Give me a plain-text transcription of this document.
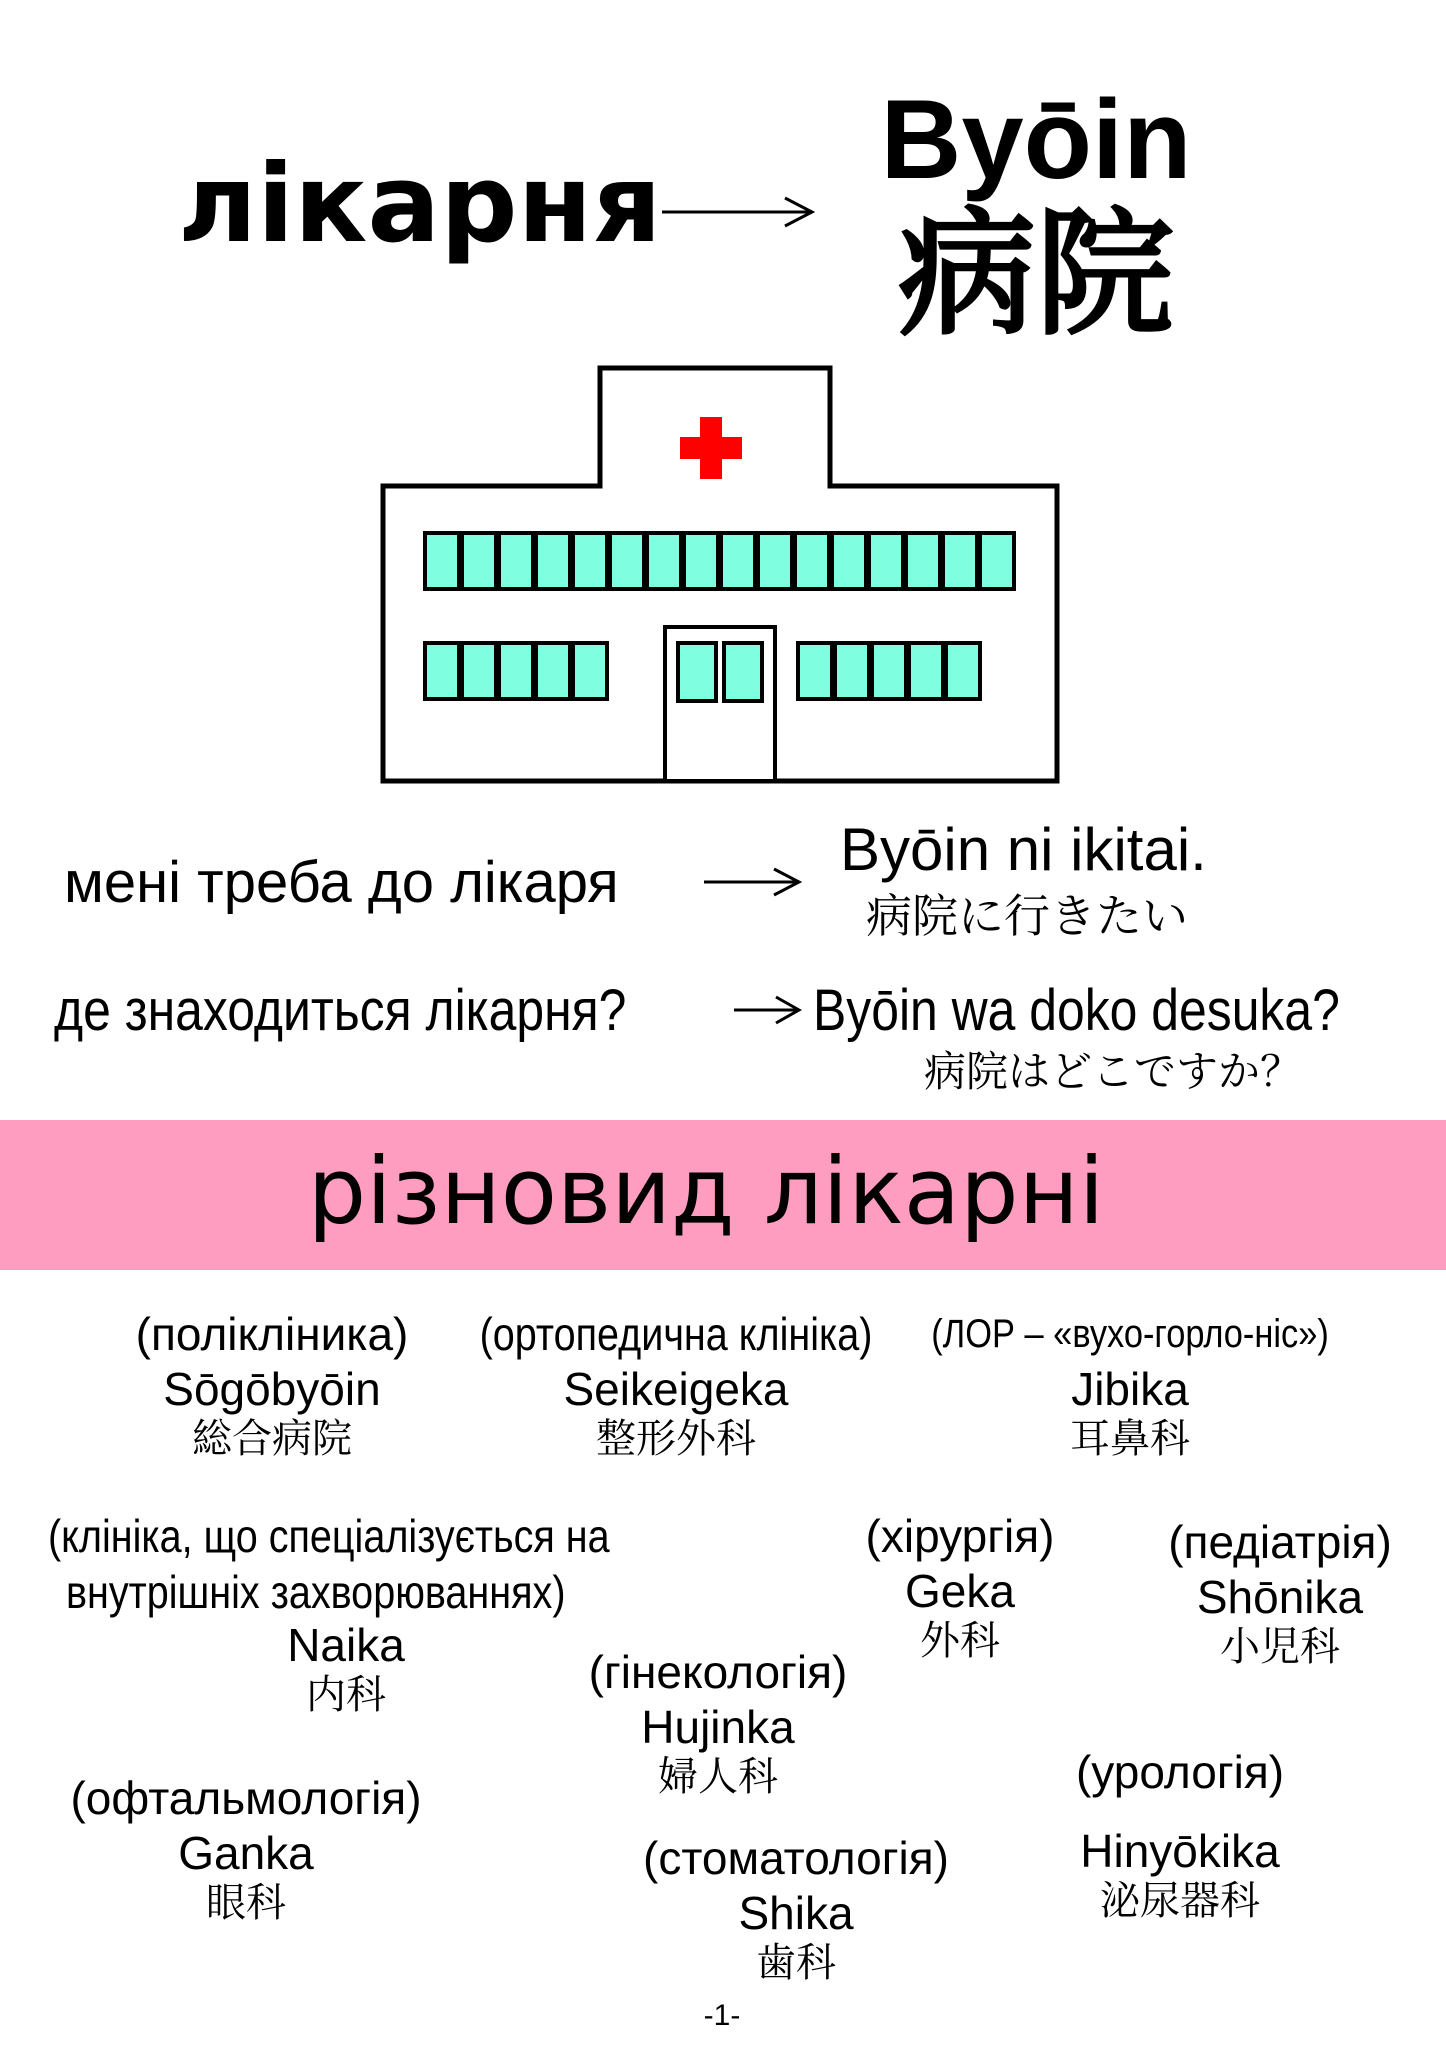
лікарня
Byōin
病院
мені треба до лікаря	Byōin ni ikitai.
病院に行きたい
де знаходиться лікарня?	Byōin wa doko desuka?
病院はどこですか？
різновид лікарні
(полікліника)
Sōgōbyōin
総合病院
(ортопедична клініка)
Seikeigeka
整形外科
(ЛОР – «вухо-горло-ніс»)
Jibika
耳鼻科
(клініка, що спеціалізується на
внутрішніх захворюваннях)
Naika
内科
(хірургія)
Geka
外科
(педіатрія)
Shōnika
小児科
(гінекологія)
Hujinka
婦人科
(офтальмологія)
Ganka
眼科
(урологія)
Hinyōkika
泌尿器科
(стоматологія)
Shika
歯科
-1-
